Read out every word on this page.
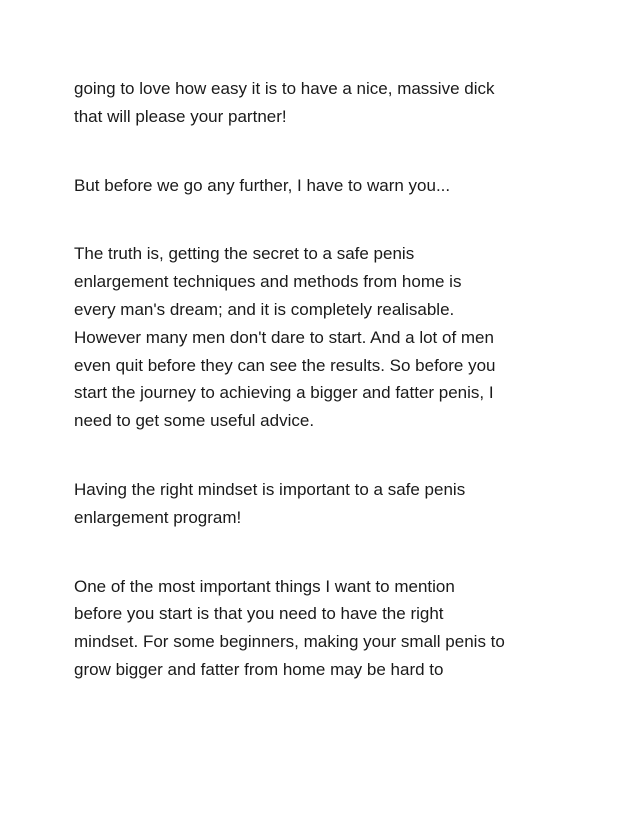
going to love how easy it is to have a nice, massive dick
that will please your partner!

But before we go any further, I have to warn you...

The truth is, getting the secret to a safe penis
enlargement techniques and methods from home is
every man's dream; and it is completely realisable.
However many men don't dare to start. And a lot of men
even quit before they can see the results. So before you
start the journey to achieving a bigger and fatter penis, I
need to get some useful advice.

Having the right mindset is important to a safe penis
enlargement program!

One of the most important things I want to mention
before you start is that you need to have the right
mindset. For some beginners, making your small penis to
grow bigger and fatter from home may be hard to
